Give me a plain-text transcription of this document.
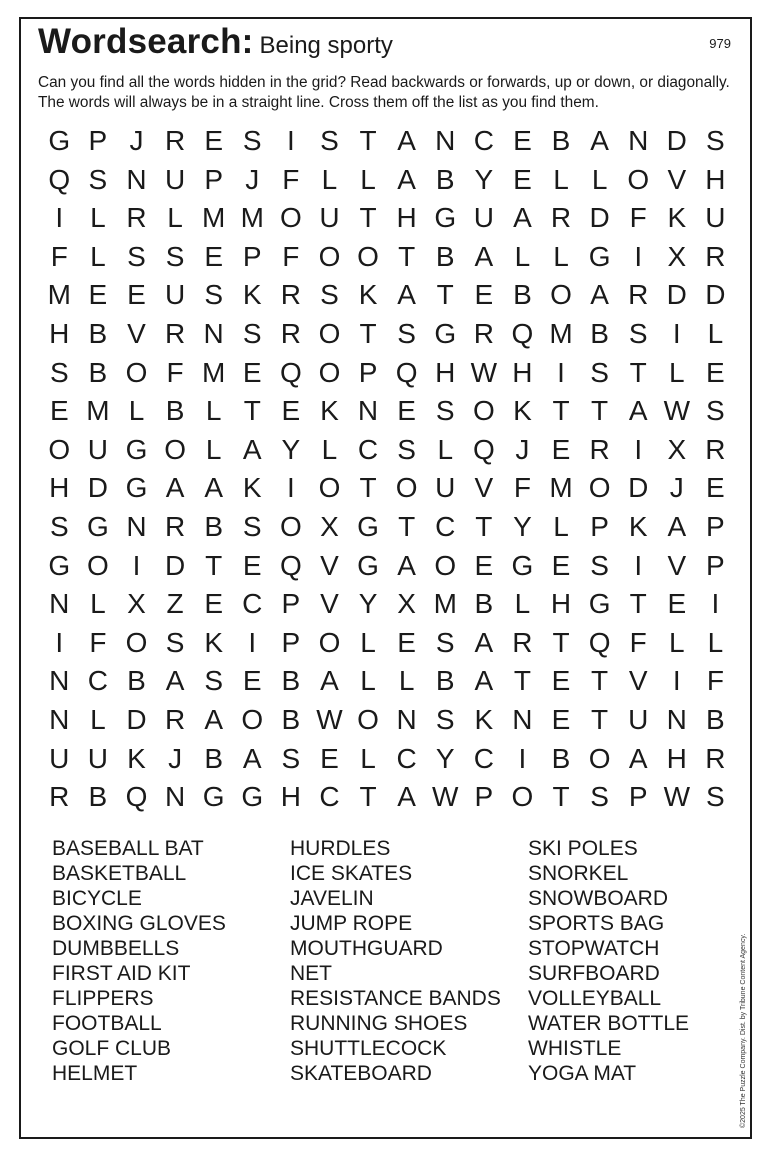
Wordsearch: Being sporty	979
Can you find all the words hidden in the grid? Read backwards or forwards, up or down, or diagonally. The words will always be in a straight line. Cross them off the list as you find them.
G P J R E S I S T A N C E B A N D S
Q S N U P J F L L A B Y E L L O V H
I L R L M M O U T H G U A R D F K U
F L S S E P F O O T B A L L G I X R
M E E U S K R S K A T E B O A R D D
H B V R N S R O T S G R Q M B S I L
S B O F M E Q O P Q H W H I S T L E
E M L B L T E K N E S O K T T A W S
O U G O L A Y L C S L Q J E R I X R
H D G A A K I O T O U V F M O D J E
S G N R B S O X G T C T Y L P K A P
G O I D T E Q V G A O E G E S I V P
N L X Z E C P V Y X M B L H G T E I
I F O S K I P O L E S A R T Q F L L
N C B A S E B A L L B A T E T V I F
N L D R A O B W O N S K N E T U N B
U U K J B A S E L C Y C I B O A H R
R B Q N G G H C T A W P O T S P W S
BASEBALL BAT
BASKETBALL
BICYCLE
BOXING GLOVES
DUMBBELLS
FIRST AID KIT
FLIPPERS
FOOTBALL
GOLF CLUB
HELMET
HURDLES
ICE SKATES
JAVELIN
JUMP ROPE
MOUTHGUARD
NET
RESISTANCE BANDS
RUNNING SHOES
SHUTTLECOCK
SKATEBOARD
SKI POLES
SNORKEL
SNOWBOARD
SPORTS BAG
STOPWATCH
SURFBOARD
VOLLEYBALL
WATER BOTTLE
WHISTLE
YOGA MAT	©2025 The Puzzle Company. Dist. by Tribune Content Agency.
